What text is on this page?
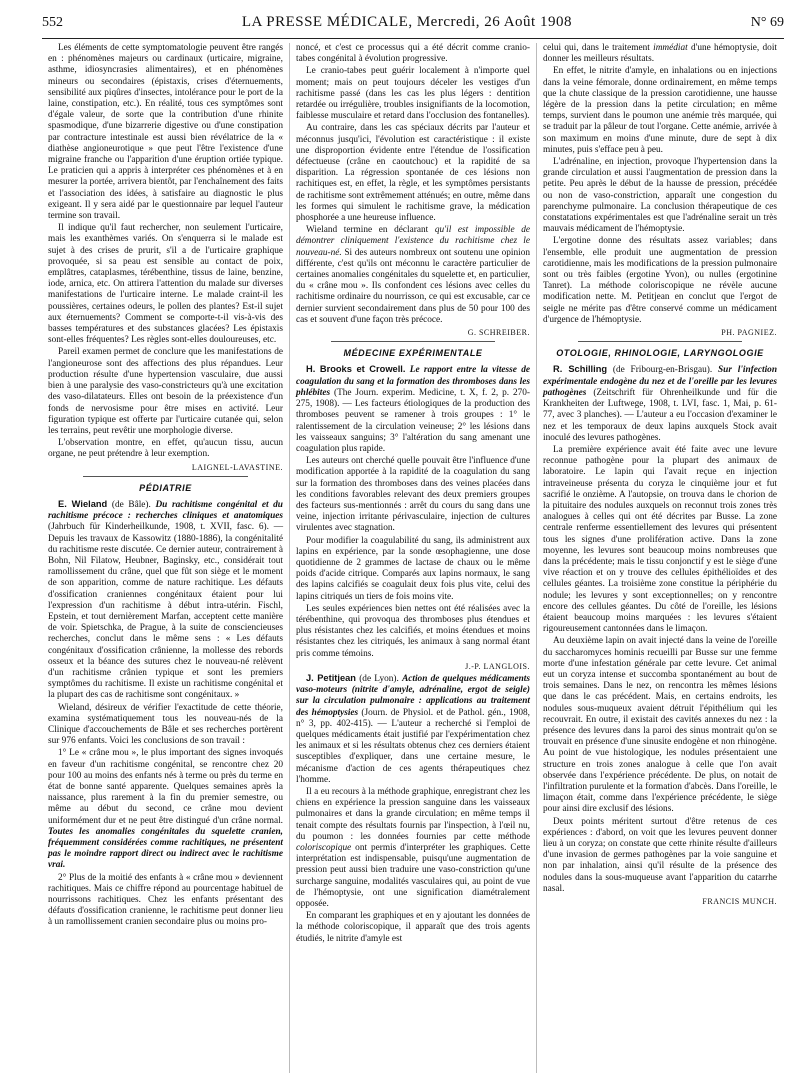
552	LA PRESSE MÉDICALE, Mercredi, 26 Août 1908	N° 69

Les éléments de cette symptomatologie peuvent être rangés en : phénomènes majeurs ou cardinaux (urticaire, migraine, asthme, idiosyncrasies alimentaires), et en phénomènes mineurs ou secondaires (épistaxis, crises d'éternuements, sensibilité aux piqûres d'insectes, intolérance pour le port de la laine, constipation, etc.). En réalité, tous ces symptômes sont d'égale valeur, de sorte que la contribution d'une rhinite spasmodique, d'une bizarrerie digestive ou d'une constipation par contracture intestinale est aussi bien révélatrice de la « diathèse angioneurotique » que peut l'être l'existence d'une migraine franche ou l'apparition d'une éruption ortiée typique. Le praticien qui a appris à interpréter ces phénomènes et à en mesurer la portée, arrivera bientôt, par l'enchaînement des faits et l'association des idées, à satisfaire au diagnostic le plus exigeant. Il y sera aidé par le questionnaire par lequel l'auteur termine son travail.

Il indique qu'il faut rechercher, non seulement l'urticaire, mais les exanthèmes variés. On s'enquerra si le malade est sujet à des crises de prurit, s'il a de l'urticaire graphique provoquée, si sa peau est sensible au contact de poix, emplâtres, cataplasmes, térébenthine, tissus de laine, benzine, iode, arnica, etc. On attirera l'attention du malade sur diverses manifestations de l'urticaire interne. Le malade craint-il les poussières, certaines odeurs, le pollen des plantes? Est-il sujet aux éternuements? Comment se comporte-t-il vis-à-vis des basses températures et des substances glacées? Les épistaxis sont-elles fréquentes? Les règles sont-elles douloureuses, etc.

Pareil examen permet de conclure que les manifestations de l'angioneurose sont des affections des plus répandues. Leur production résulte d'une hypertension vasculaire, due aussi bien à une paralysie des vaso-constricteurs qu'à une excitation des vaso-dilatateurs. Elles ont besoin de la préexistence d'un fonds de nervosisme pour être mises en activité. Leur figuration typique est offerte par l'urticaire cutanée qui, selon les terrains, peut revêtir une morphologie diverse.

L'observation montre, en effet, qu'aucun tissu, aucun organe, ne peut prétendre à leur exemption.

LAIGNEL-LAVASTINE.

PÉDIATRIE

E. Wieland (de Bâle). Du rachitisme congénital et du rachitisme précoce : recherches cliniques et anatomiques (Jahrbuch für Kinderheilkunde, 1908, t. XVII, fasc. 6). — Depuis les travaux de Kassowitz (1880-1886), la congénitalité du rachitisme reste discutée. Ce dernier auteur, contrairement à Bohn, Nil Filatow, Heubner, Baginsky, etc., considérait tout ramollissement du crâne, quel que fût son siège et le moment de son apparition, comme de nature rachitique. Les défauts d'ossification craniennes congénitaux étaient pour lui l'expression d'un rachitisme à début intra-utérin. Fischl, Epstein, et tout dernièrement Marfan, acceptent cette manière de voir. Spietschka, de Prague, à la suite de consciencieuses recherches, conclut dans le même sens : « Les défauts congénitaux d'ossification crânienne, la mollesse des rebords osseux et la béance des sutures chez le nouveau-né relèvent d'un rachitisme crânien typique et sont les premiers symptômes du rachitisme. Il existe un rachitisme congénital et la plupart des cas de rachitisme sont congénitaux. »

Wieland, désireux de vérifier l'exactitude de cette théorie, examina systématiquement tous les nouveau-nés de la Clinique d'accouchements de Bâle et ses recherches portèrent sur 976 enfants. Voici les conclusions de son travail :

1° Le « crâne mou », le plus important des signes invoqués en faveur d'un rachitisme congénital, se rencontre chez 20 pour 100 au moins des enfants nés à terme ou près du terme en état de bonne santé apparente. Quelques semaines après la naissance, plus rarement à la fin du premier semestre, ou même au début du second, ce crâne mou devient uniformément dur et ne peut être distingué d'un crâne normal. Toutes les anomalies congénitales du squelette cranien, fréquemment considérées comme rachitiques, ne présentent pas le moindre rapport direct ou indirect avec le rachitisme vrai.

2° Plus de la moitié des enfants à « crâne mou » deviennent rachitiques. Mais ce chiffre répond au pourcentage habituel de nourrissons rachitiques. Chez les enfants présentant des défauts d'ossification cranienne, le rachitisme peut donner lieu à un ramollissement cranien secondaire plus ou moins pro-

noncé, et c'est ce processus qui a été décrit comme cranio-tabes congénital à évolution progressive.

Le cranio-tabes peut guérir localement à n'importe quel moment; mais on peut toujours déceler les vestiges d'un rachitisme passé (dans les cas les plus légers : dentition retardée ou irrégulière, troubles insignifiants de la locomotion, faiblesse musculaire et retard dans l'occlusion des fontanelles).

Au contraire, dans les cas spéciaux décrits par l'auteur et méconnus jusqu'ici, l'évolution est caractéristique : il existe une disproportion évidente entre l'étendue de l'ossification défectueuse (crâne en caoutchouc) et la rapidité de sa disparition. La régression spontanée de ces lésions non rachitiques est, en effet, la règle, et les symptômes persistants de rachitisme sont extrêmement atténués; en outre, même dans les formes qui simulent le rachitisme grave, la médication phosphorée a une heureuse influence.

Wieland termine en déclarant qu'il est impossible de démontrer cliniquement l'existence du rachitisme chez le nouveau-né. Si des auteurs nombreux ont soutenu une opinion différente, c'est qu'ils ont méconnu le caractère particulier de certaines anomalies congénitales du squelette et, en particulier, du « crâne mou ». Ils confondent ces lésions avec celles du rachitisme ordinaire du nourrisson, ce qui est excusable, car ce dernier survient secondairement dans plus de 50 pour 100 des cas et souvent d'une façon très précoce.

G. SCHREIBER.

MÉDECINE EXPÉRIMENTALE

H. Brooks et Crowell. Le rapport entre la vitesse de coagulation du sang et la formation des thromboses dans les phlébites (The Journ. experim. Medicine, t. X, f. 2, p. 270-275, 1908). — Les facteurs étiologiques de la production des thromboses peuvent se ramener à trois groupes : 1° le ralentissement de la circulation veineuse; 2° les lésions dans les vaisseaux sanguins; 3° l'altération du sang amenant une coagulation plus rapide.

Les auteurs ont cherché quelle pouvait être l'influence d'une modification apportée à la rapidité de la coagulation du sang sur la formation des thromboses dans des veines placées dans les conditions favorables relevant des deux premiers groupes des facteurs sus-mentionnés : arrêt du cours du sang dans une veine, injection irritante périvasculaire, injection de cultures virulentes avec stagnation.

Pour modifier la coagulabilité du sang, ils administrent aux lapins en expérience, par la sonde œsophagienne, une dose quotidienne de 2 grammes de lactase de chaux ou le même poids d'acide citrique. Comparés aux lapins normaux, le sang des lapins calcifiés se coagulait deux fois plus vite, celui des lapins citriqués un tiers de fois moins vite.

Les seules expériences bien nettes ont été réalisées avec la térébenthine, qui provoqua des thromboses plus étendues et plus résistantes chez les calcifiés, et moins étendues et moins résistantes chez les citriqués, les animaux à sang normal étant pris comme témoins.

J.-P. LANGLOIS.

J. Petitjean (de Lyon). Action de quelques médicaments vaso-moteurs (nitrite d'amyle, adrénaline, ergot de seigle) sur la circulation pulmonaire : applications au traitement des hémoptysies (Journ. de Physiol. et de Pathol. gén., 1908, n° 3, pp. 402-415). — L'auteur a recherché si l'emploi de quelques médicaments était justifié par l'expérimentation chez les animaux et si les résultats obtenus chez ces derniers étaient susceptibles d'expliquer, dans une certaine mesure, le mécanisme d'action de ces agents thérapeutiques chez l'homme.

Il a eu recours à la méthode graphique, enregistrant chez les chiens en expérience la pression sanguine dans les vaisseaux pulmonaires et dans la grande circulation; en même temps il tenait compte des résultats fournis par l'inspection, à l'œil nu, du poumon : les données fournies par cette méthode coloriscopique ont permis d'interpréter les graphiques. Cette interprétation est indispensable, puisqu'une augmentation de pression peut aussi bien traduire une vaso-constriction qu'une surcharge sanguine, modalités vasculaires qui, au point de vue de l'hémoptysie, ont une signification diamétralement opposée.

En comparant les graphiques et en y ajoutant les données de la méthode coloriscopique, il apparaît que des trois agents étudiés, le nitrite d'amyle est

celui qui, dans le traitement immédiat d'une hémoptysie, doit donner les meilleurs résultats.

En effet, le nitrite d'amyle, en inhalations ou en injections dans la veine fémorale, donne ordinairement, en même temps que la chute classique de la pression carotidienne, une hausse légère de la pression dans la petite circulation; en même temps, survient dans le poumon une anémie très marquée, qui se traduit par la pâleur de tout l'organe. Cette anémie, arrivée à son maximum en moins d'une minute, dure de sept à dix minutes, puis s'efface peu à peu.

L'adrénaline, en injection, provoque l'hypertension dans la grande circulation et aussi l'augmentation de pression dans la petite. Peu après le début de la hausse de pression, précédée ou non de vaso-constriction, apparaît une congestion du parenchyme pulmonaire. La conclusion thérapeutique de ces constatations expérimentales est que l'adrénaline serait un très mauvais médicament de l'hémoptysie.

L'ergotine donne des résultats assez variables; dans l'ensemble, elle produit une augmentation de pression carotidienne, mais les modifications de la pression pulmonaire sont ou très faibles (ergotine Yvon), ou nulles (ergotinine Tanret). La méthode coloriscopique ne révèle aucune modification nette. M. Petitjean en conclut que l'ergot de seigle ne mérite pas d'être conservé comme un médicament d'urgence de l'hémoptysie.

PH. PAGNIEZ.

OTOLOGIE, RHINOLOGIE, LARYNGOLOGIE

R. Schilling (de Fribourg-en-Brisgau). Sur l'infection expérimentale endogène du nez et de l'oreille par les levures pathogènes (Zeitschrift für Ohrenheilkunde und für die Krankheiten der Luftwege, 1908, t. LVI, fasc. 1, Mai, p. 61-77, avec 3 planches). — L'auteur a eu l'occasion d'examiner le nez et les temporaux de deux lapins auxquels Stock avait inoculé des levures pathogènes.

La première expérience avait été faite avec une levure reconnue pathogène pour la plupart des animaux de laboratoire. Le lapin qui l'avait reçue en injection intraveineuse présenta du coryza le cinquième jour et fut sacrifié le onzième. A l'autopsie, on trouva dans le chorion de la pituitaire des nodules auxquels on reconnut trois zones très analogues à celles qui ont été décrites par Busse. La zone centrale renferme essentiellement des levures qui présentent tous les signes d'une prolifération active. Dans la zone moyenne, les levures sont beaucoup moins nombreuses que dans la précédente; mais le tissu conjonctif y est le siège d'une vive réaction et on y trouve des cellules épithélioïdes et des cellules géantes. La troisième zone constitue la périphérie du nodule; les levures y sont exceptionnelles; on y rencontre encore des cellules géantes. Du côté de l'oreille, les lésions étaient beaucoup moins marquées : les levures s'étaient rigoureusement cantonnées dans le limaçon.

Au deuxième lapin on avait injecté dans la veine de l'oreille du saccharomyces hominis recueilli par Busse sur une femme morte d'une infestation générale par cette levure. Cet animal eut un coryza intense et succomba spontanément au bout de trois semaines. Dans le nez, on rencontra les mêmes lésions que dans le cas précédent. Mais, en certains endroits, les nodules sous-muqueux avaient détruit l'épithélium qui les recouvrait. En outre, il existait des cavités annexes du nez : la présence des levures dans la paroi des sinus montrait qu'on se trouvait en présence d'une sinusite endogène et non rhinogène. Au point de vue histologique, les nodules présentaient une structure en trois zones analogue à celle que l'on avait observée dans l'expérience précédente. De plus, on notait de l'infiltration purulente et la formation d'abcès. Dans l'oreille, le limaçon était, comme dans l'expérience précédente, le siège pour ainsi dire exclusif des lésions.

Deux points méritent surtout d'être retenus de ces expériences : d'abord, on voit que les levures peuvent donner lieu à un coryza; on constate que cette rhinite résulte d'ailleurs d'une invasion de germes pathogènes par la voie sanguine et non par inhalation, ainsi qu'il résulte de la présence des nodules dans la sous-muqueuse avant l'apparition du catarrhe nasal.

FRANCIS MUNCH.
